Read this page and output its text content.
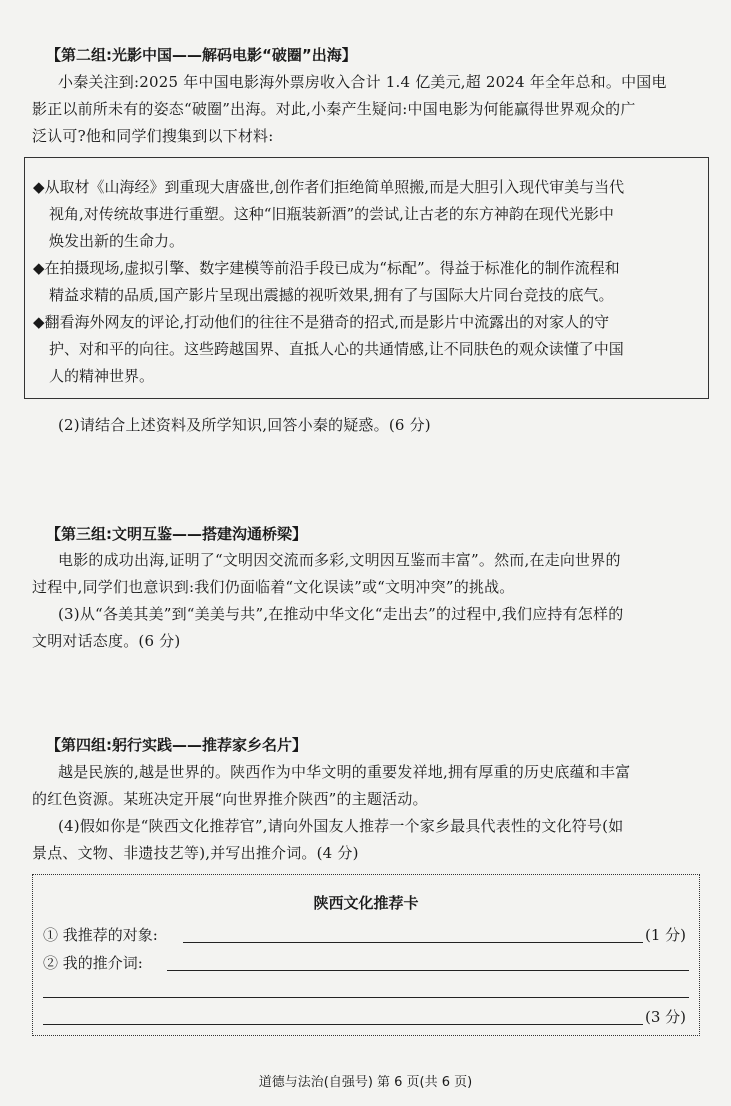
【第二组:光影中国——解码电影“破圈”出海】
小秦关注到:2025 年中国电影海外票房收入合计 1.4 亿美元,超 2024 年全年总和。中国电
影正以前所未有的姿态“破圈”出海。对此,小秦产生疑问:中国电影为何能赢得世界观众的广
泛认可?他和同学们搜集到以下材料:
◆从取材《山海经》到重现大唐盛世,创作者们拒绝简单照搬,而是大胆引入现代审美与当代
视角,对传统故事进行重塑。这种“旧瓶装新酒”的尝试,让古老的东方神韵在现代光影中
焕发出新的生命力。
◆在拍摄现场,虚拟引擎、数字建模等前沿手段已成为“标配”。得益于标准化的制作流程和
精益求精的品质,国产影片呈现出震撼的视听效果,拥有了与国际大片同台竞技的底气。
◆翻看海外网友的评论,打动他们的往往不是猎奇的招式,而是影片中流露出的对家人的守
护、对和平的向往。这些跨越国界、直抵人心的共通情感,让不同肤色的观众读懂了中国
人的精神世界。
(2)请结合上述资料及所学知识,回答小秦的疑惑。(6 分)
【第三组:文明互鉴——搭建沟通桥梁】
电影的成功出海,证明了“文明因交流而多彩,文明因互鉴而丰富”。然而,在走向世界的
过程中,同学们也意识到:我们仍面临着“文化误读”或“文明冲突”的挑战。
(3)从“各美其美”到“美美与共”,在推动中华文化“走出去”的过程中,我们应持有怎样的
文明对话态度。(6 分)
【第四组:躬行实践——推荐家乡名片】
越是民族的,越是世界的。陕西作为中华文明的重要发祥地,拥有厚重的历史底蕴和丰富
的红色资源。某班决定开展“向世界推介陕西”的主题活动。
(4)假如你是“陕西文化推荐官”,请向外国友人推荐一个家乡最具代表性的文化符号(如
景点、文物、非遗技艺等),并写出推介词。(4 分)
陕西文化推荐卡
① 我推荐的对象:	(1 分)
② 我的推介词:
(3 分)
道德与法治(自强号) 第 6 页(共 6 页)
